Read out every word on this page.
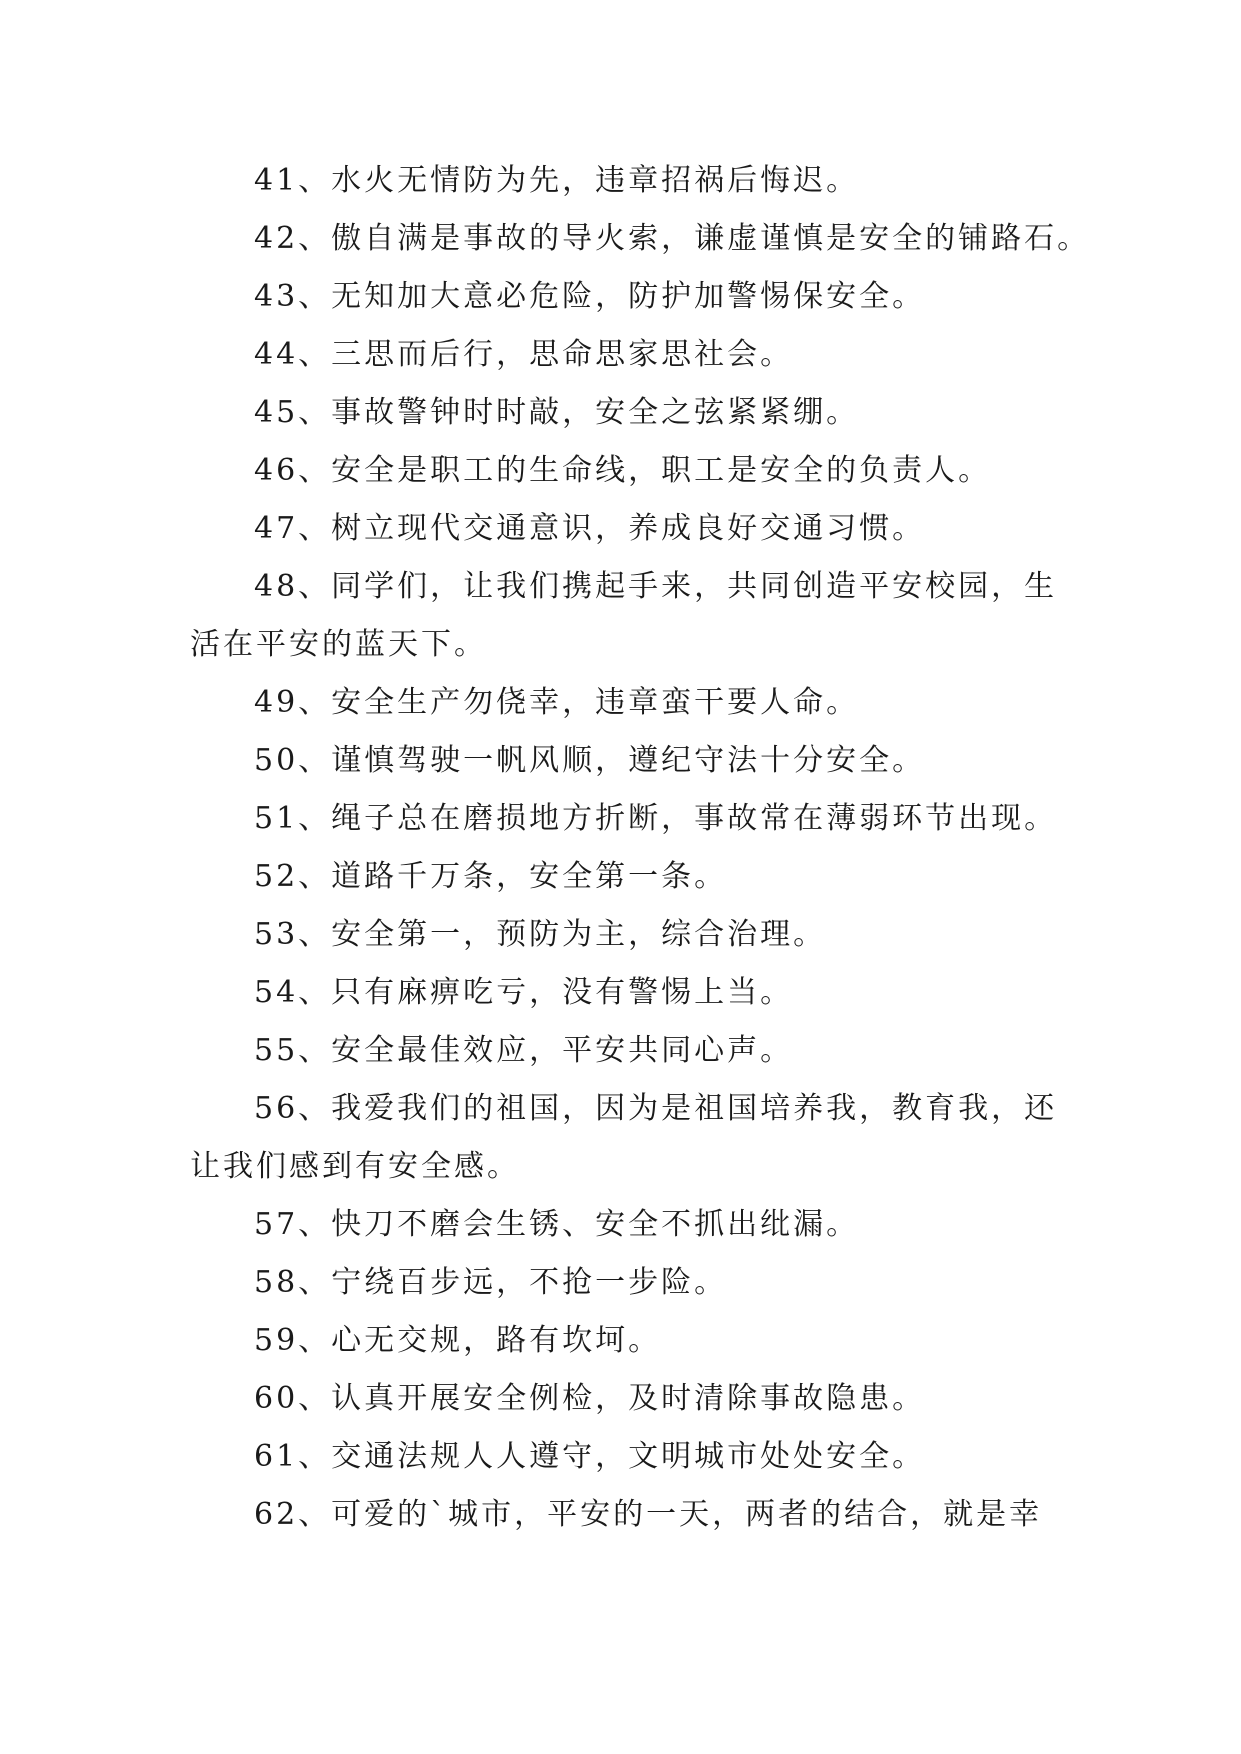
41、水火无情防为先，违章招祸后悔迟。

42、傲自满是事故的导火索，谦虚谨慎是安全的铺路石。

43、无知加大意必危险，防护加警惕保安全。

44、三思而后行，思命思家思社会。

45、事故警钟时时敲，安全之弦紧紧绷。

46、安全是职工的生命线，职工是安全的负责人。

47、树立现代交通意识，养成良好交通习惯。

48、同学们，让我们携起手来，共同创造平安校园，生活在平安的蓝天下。

49、安全生产勿侥幸，违章蛮干要人命。

50、谨慎驾驶一帆风顺，遵纪守法十分安全。

51、绳子总在磨损地方折断，事故常在薄弱环节出现。

52、道路千万条，安全第一条。

53、安全第一，预防为主，综合治理。

54、只有麻痹吃亏，没有警惕上当。

55、安全最佳效应，平安共同心声。

56、我爱我们的祖国，因为是祖国培养我，教育我，还让我们感到有安全感。

57、快刀不磨会生锈、安全不抓出纰漏。

58、宁绕百步远，不抢一步险。

59、心无交规，路有坎坷。

60、认真开展安全例检，及时清除事故隐患。

61、交通法规人人遵守，文明城市处处安全。

62、可爱的`城市，平安的一天，两者的结合，就是幸
